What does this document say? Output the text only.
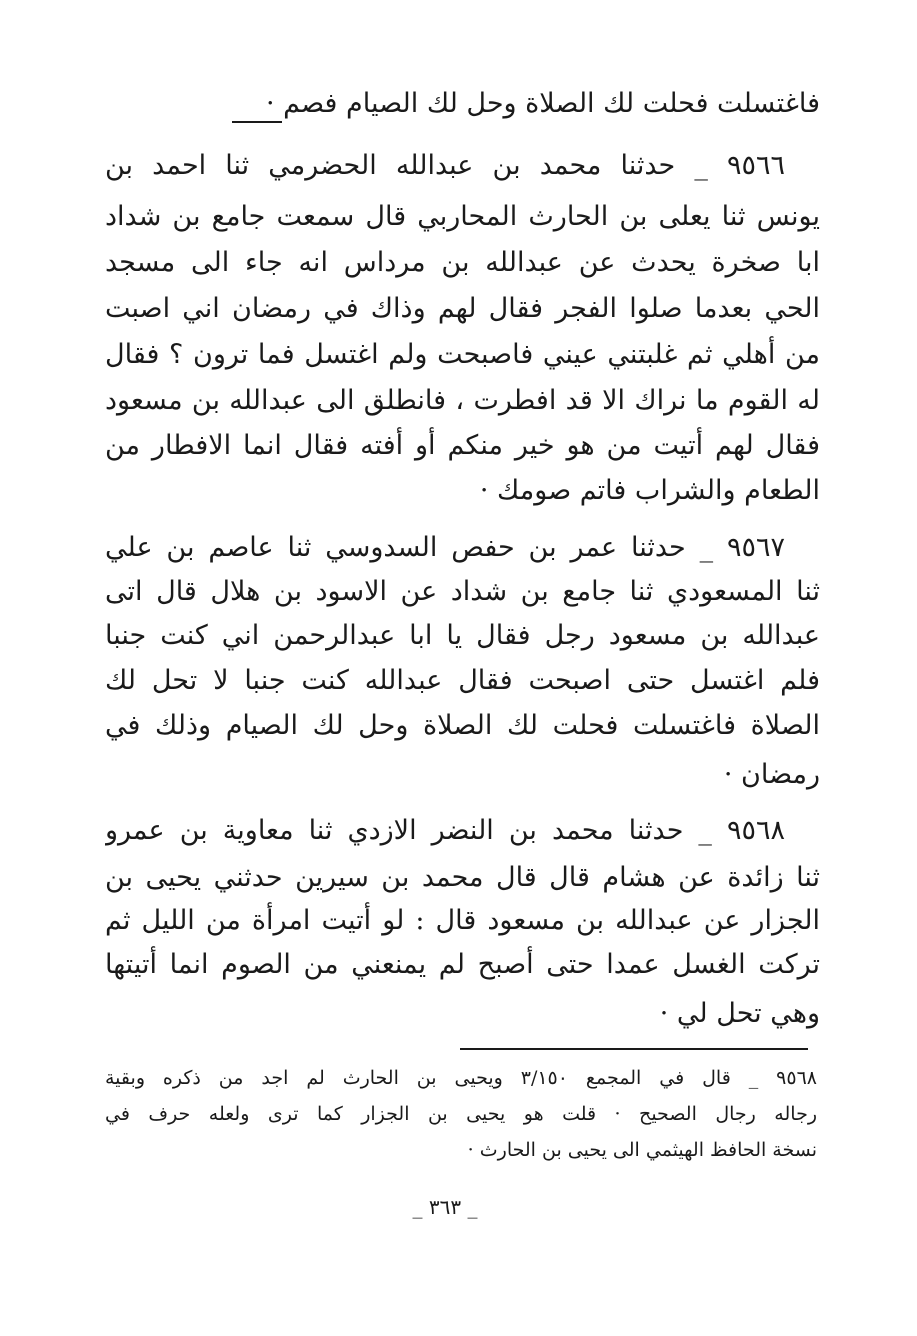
فاغتسلت فحلت لك الصلاة وحل لك الصيام فصم ·
٩٥٦٦ _ حدثنا محمد بن عبدالله الحضرمي ثنا احمد بن
يونس ثنا يعلى بن الحارث المحاربي قال سمعت جامع بن شداد
ابا صخرة يحدث عن عبدالله بن مرداس انه جاء الى مسجد
الحي بعدما صلوا الفجر فقال لهم وذاك في رمضان اني اصبت
من أهلي ثم غلبتني عيني فاصبحت ولم اغتسل فما ترون ؟ فقال
له القوم ما نراك الا قد افطرت ، فانطلق الى عبدالله بن مسعود
فقال لهم أتيت من هو خير منكم أو أفته فقال انما الافطار من
الطعام والشراب فاتم صومك ·
٩٥٦٧ _ حدثنا عمر بن حفص السدوسي ثنا عاصم بن علي
ثنا المسعودي ثنا جامع بن شداد عن الاسود بن هلال قال اتى
عبدالله بن مسعود رجل فقال يا ابا عبدالرحمن اني كنت جنبا
فلم اغتسل حتى اصبحت فقال عبدالله كنت جنبا لا تحل لك
الصلاة فاغتسلت فحلت لك الصلاة وحل لك الصيام وذلك في
رمضان ·
٩٥٦٨ _ حدثنا محمد بن النضر الازدي ثنا معاوية بن عمرو
ثنا زائدة عن هشام قال قال محمد بن سيرين حدثني يحيى بن
الجزار عن عبدالله بن مسعود قال : لو أتيت امرأة من الليل ثم
تركت الغسل عمدا حتى أصبح لم يمنعني من الصوم انما أتيتها
وهي تحل لي ·
٩٥٦٨ _ قال في المجمع ٣/١٥٠ ويحيى بن الحارث لم اجد من ذكره وبقية
رجاله رجال الصحيح · قلت هو يحيى بن الجزار كما ترى ولعله حرف في
نسخة الحافظ الهيثمي الى يحيى بن الحارث ·
_ ٣٦٣ _
